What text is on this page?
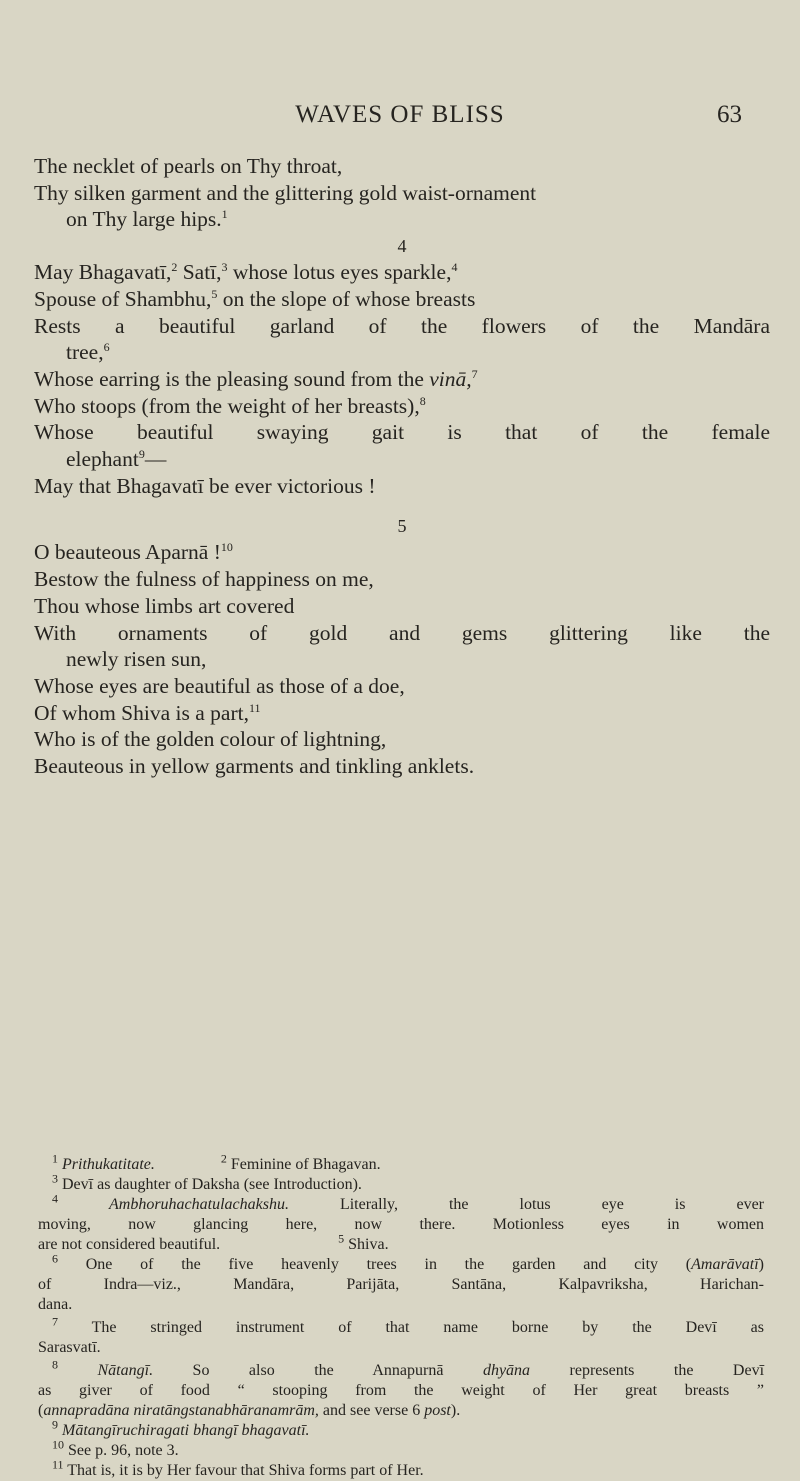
WAVES OF BLISS	63
The necklet of pearls on Thy throat,
Thy silken garment and the glittering gold waist-ornament
on Thy large hips.$^1$
4
May Bhagavatī,$^2$ Satī,$^3$ whose lotus eyes sparkle,$^4$
Spouse of Shambhu,$^5$ on the slope of whose breasts
Rests a beautiful garland of the flowers of the Mandāra
tree,$^6$
Whose earring is the pleasing sound from the vinā,$^7$
Who stoops (from the weight of her breasts),$^8$
Whose beautiful swaying gait is that of the female
elephant$^9$—
May that Bhagavatī be ever victorious !
5
O beauteous Aparnā !$^{10}$
Bestow the fulness of happiness on me,
Thou whose limbs art covered
With ornaments of gold and gems glittering like the
newly risen sun,
Whose eyes are beautiful as those of a doe,
Of whom Shiva is a part,$^{11}$
Who is of the golden colour of lightning,
Beauteous in yellow garments and tinkling anklets.
$^1$ Prithukatitate.	$^2$ Feminine of Bhagavan.
$^3$ Devī as daughter of Daksha (see Introduction).
$^4$	Ambhoruhachatulachakshu.	Literally, the lotus eye is ever
moving, now glancing here, now there. Motionless eyes in women
are not considered beautiful.	$^5$ Shiva.
$^6$ One of the five heavenly trees in the garden and city (Amarāvatī)
of Indra—viz., Mandāra, Parijāta, Santāna, Kalpavriksha, Harichan-
dana.
$^7$ The stringed instrument of that name borne by the Devī as
Sarasvatī.
$^8$ Nātangī. So also the Annapurnā dhyāna represents the Devī
as giver of food “ stooping from the weight of Her great breasts ”
(annapradāna niratāngstanabhāranamrām, and see verse 6 post).
$^9$ Mātangīruchiragati bhangī bhagavatī.
$^{10}$ See p. 96, note 3.
$^{11}$ That is, it is by Her favour that Shiva forms part of Her.
